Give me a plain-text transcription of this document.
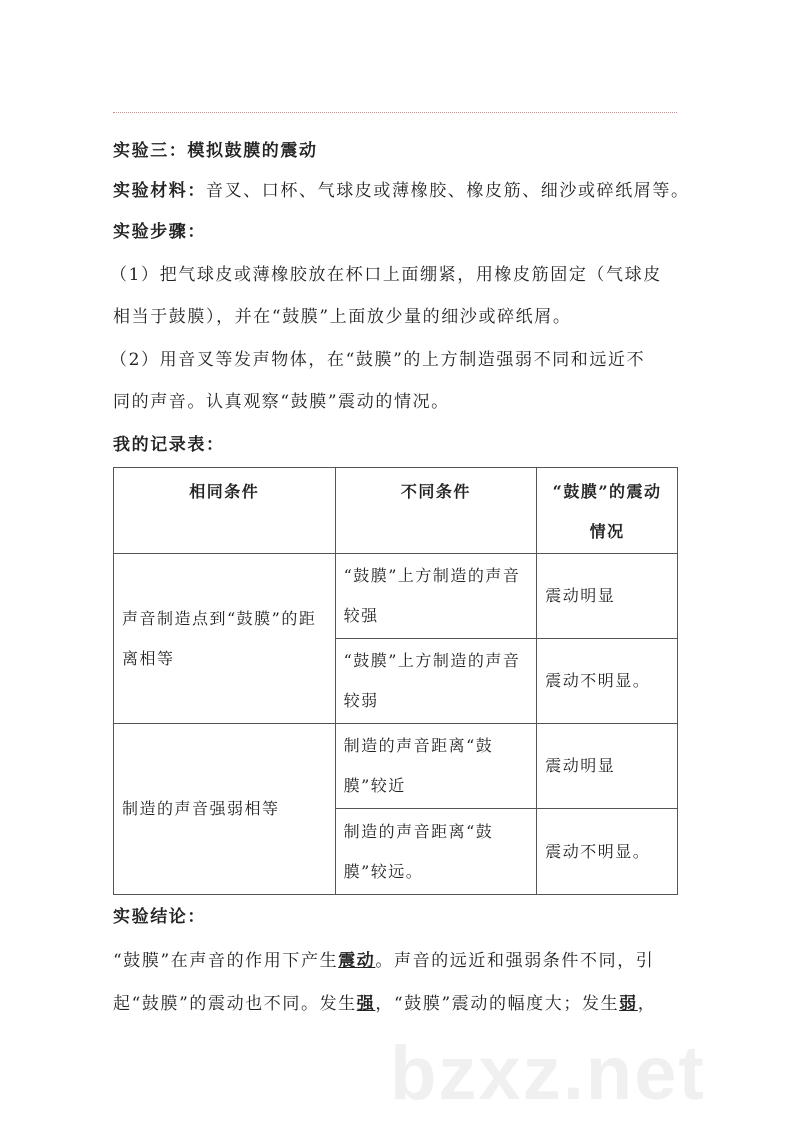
实验三：模拟鼓膜的震动
实验材料：音叉、口杯、气球皮或薄橡胶、橡皮筋、细沙或碎纸屑等。
实验步骤：
（1）把气球皮或薄橡胶放在杯口上面绷紧，用橡皮筋固定（气球皮
相当于鼓膜），并在“鼓膜”上面放少量的细沙或碎纸屑。
（2）用音叉等发声物体，在“鼓膜”的上方制造强弱不同和远近不
同的声音。认真观察“鼓膜”震动的情况。
我的记录表：
相同条件	不同条件	“鼓膜”的震动情况
声音制造点到“鼓膜”的距离相等	“鼓膜”上方制造的声音较强	震动明显
	“鼓膜”上方制造的声音较弱	震动不明显。
制造的声音强弱相等	制造的声音距离“鼓膜”较近	震动明显
	制造的声音距离“鼓膜”较远。	震动不明显。
实验结论：
“鼓膜”在声音的作用下产生震动。声音的远近和强弱条件不同，引
起“鼓膜”的震动也不同。发生强，“鼓膜”震动的幅度大；发生弱，
bzxz.net
